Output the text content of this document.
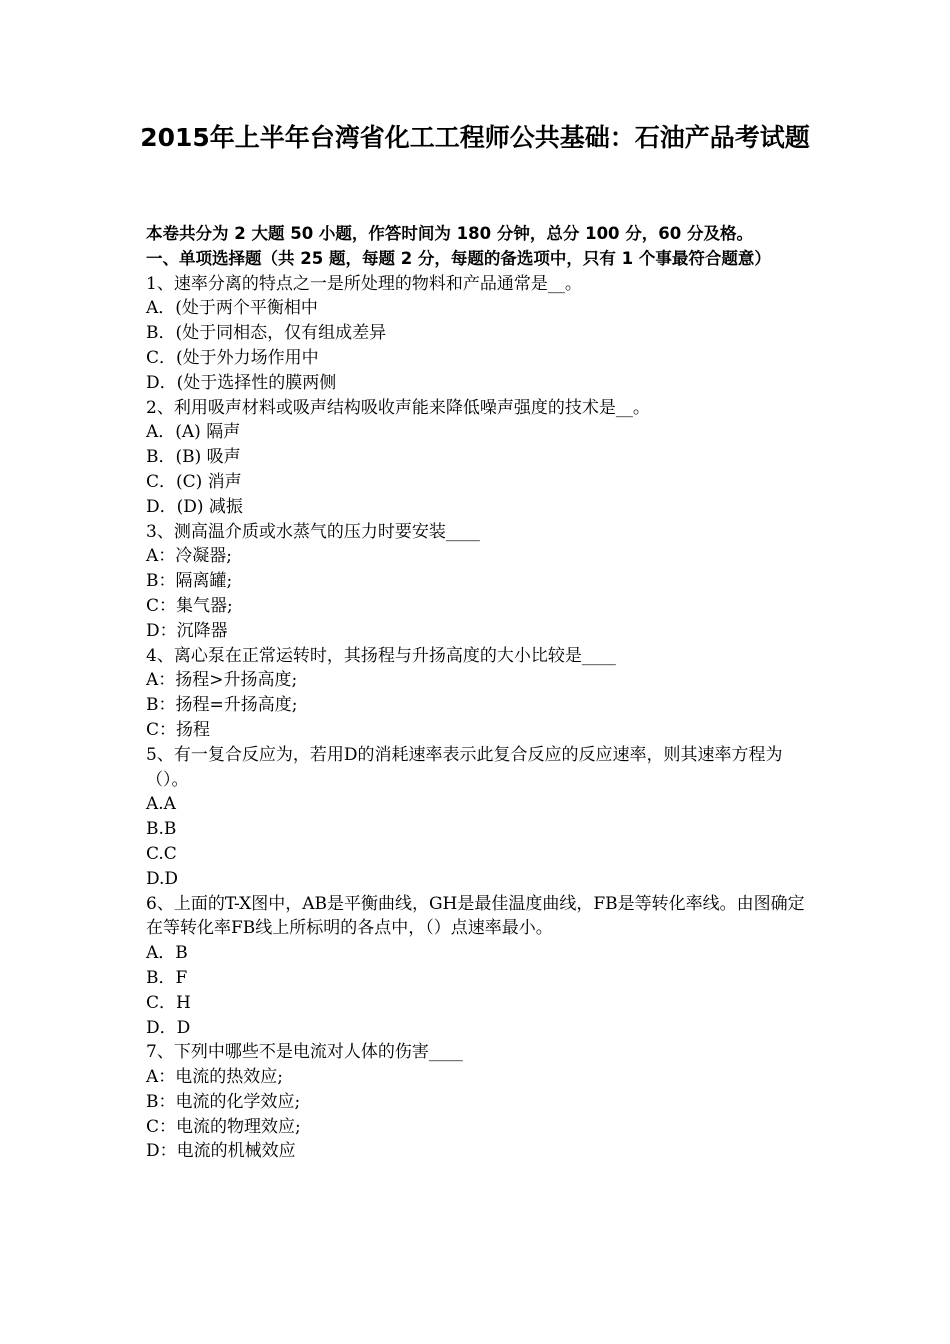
2015年上半年台湾省化工工程师公共基础：石油产品考试题
本卷共分为 2 大题 50 小题，作答时间为 180 分钟，总分 100 分，60 分及格。
一、单项选择题（共 25 题，每题 2 分，每题的备选项中，只有 1 个事最符合题意）
1、速率分离的特点之一是所处理的物料和产品通常是__。
A．(处于两个平衡相中
B．(处于同相态，仅有组成差异
C．(处于外力场作用中
D．(处于选择性的膜两侧
2、利用吸声材料或吸声结构吸收声能来降低噪声强度的技术是__。
A．(A) 隔声
B．(B) 吸声
C．(C) 消声
D．(D) 减振
3、测高温介质或水蒸气的压力时要安装____
A：冷凝器;
B：隔离罐;
C：集气器;
D：沉降器
4、离心泵在正常运转时，其扬程与升扬高度的大小比较是____
A：扬程>升扬高度;
B：扬程=升扬高度;
C：扬程
5、有一复合反应为，若用D的消耗速率表示此复合反应的反应速率，则其速率方程为（）。
A.A
B.B
C.C
D.D
6、上面的T-X图中，AB是平衡曲线，GH是最佳温度曲线，FB是等转化率线。由图确定在等转化率FB线上所标明的各点中，（）点速率最小。
A．B
B．F
C．H
D．D
7、下列中哪些不是电流对人体的伤害____
A：电流的热效应;
B：电流的化学效应;
C：电流的物理效应;
D：电流的机械效应
